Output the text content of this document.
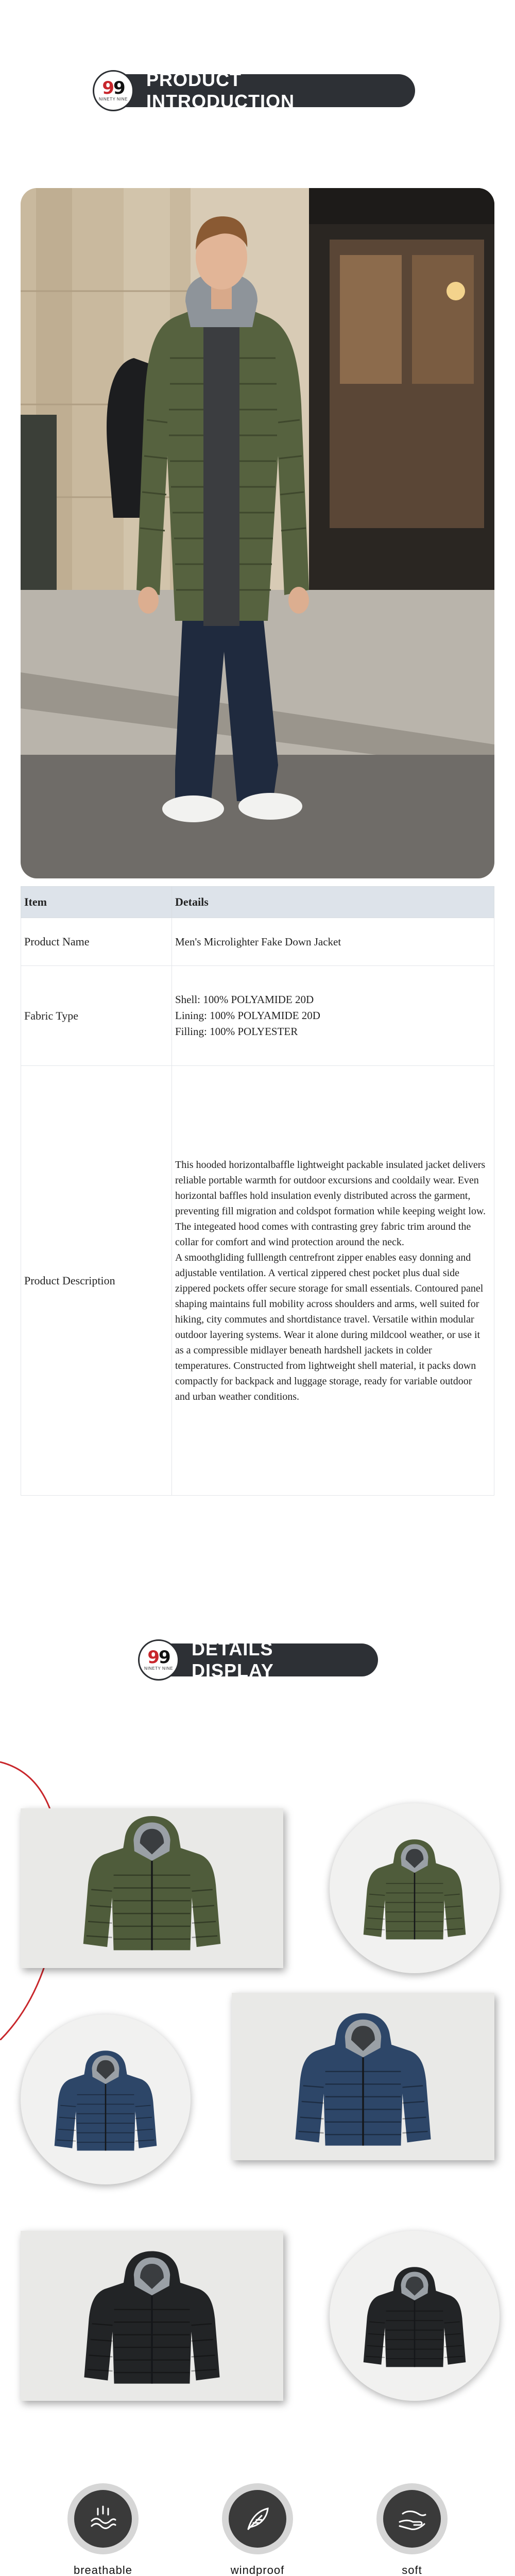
99
NINETY NINE
PRODUCT INTRODUCTION
Item	Details
Product Name	Men's Microlighter Fake Down Jacket
Fabric Type	Shell: 100% POLYAMIDE 20D
Lining: 100% POLYAMIDE 20D
Filling: 100% POLYESTER

Product Description	This hooded horizontalbaffle lightweight packable insulated jacket delivers reliable portable warmth for outdoor excursions and cooldaily wear. Even horizontal baffles hold insulation evenly distributed across the garment, preventing fill migration and coldspot formation while keeping weight low. The integeated hood comes with contrasting grey fabric trim around the collar for comfort and wind protection around the neck.
A smoothgliding fulllength centrefront zipper enables easy donning and adjustable ventilation. A vertical zippered chest pocket plus dual side zippered pockets offer secure storage for small essentials. Contoured panel shaping maintains full mobility across shoulders and arms, well suited for hiking, city commutes and shortdistance travel. Versatile within modular outdoor layering systems. Wear it alone during mildcool weather, or use it as a compressible midlayer beneath hardshell jackets in colder temperatures. Constructed from lightweight shell material, it packs down compactly for backpack and luggage storage, ready for variable outdoor and urban weather conditions.
99
NINETY NINE
DETAILS DISPLAY
breathable	windproof	soft
